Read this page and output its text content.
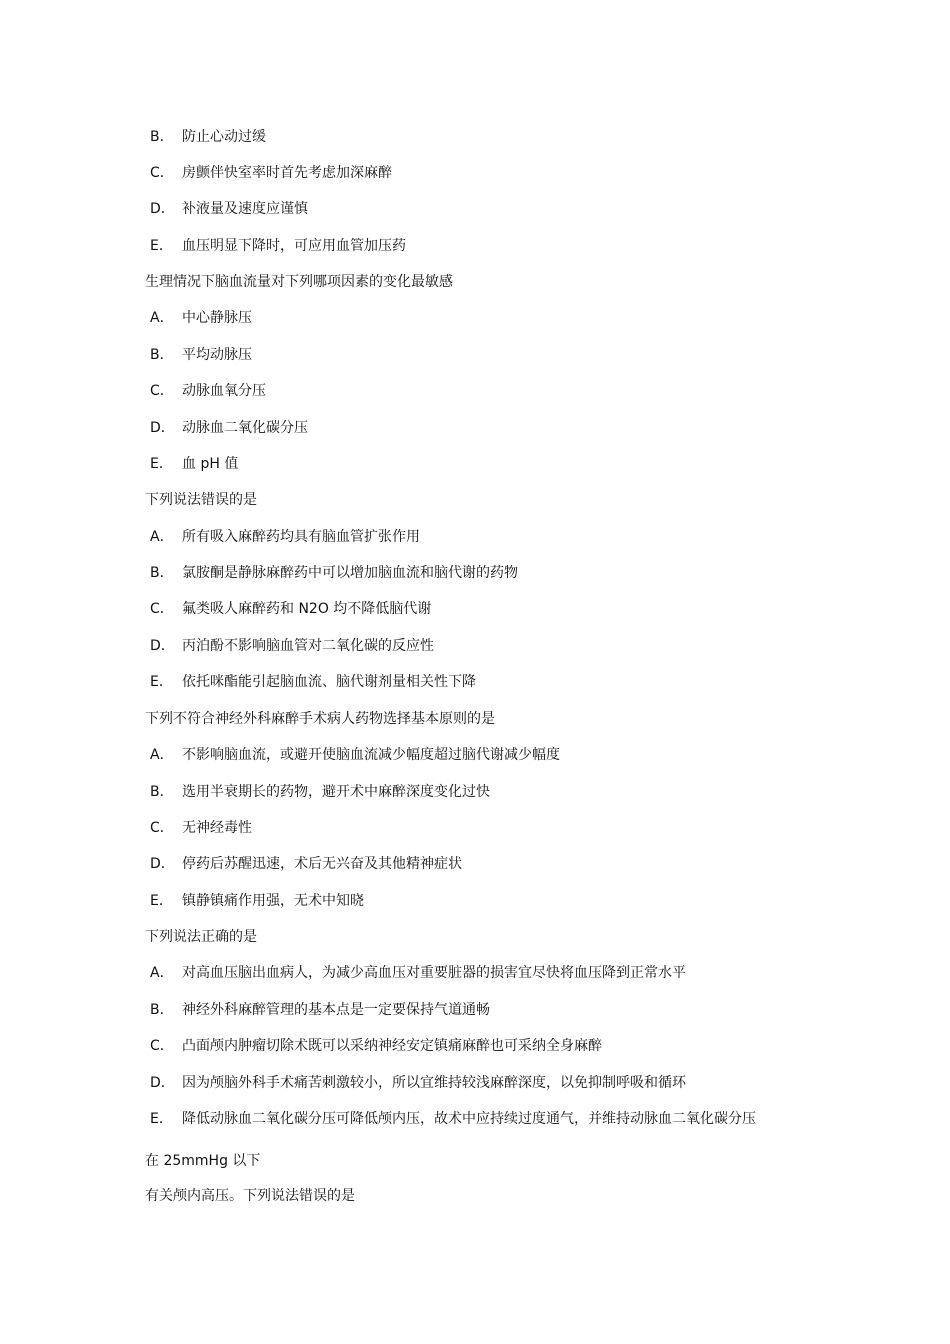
B． 防止心动过缓
C． 房颤伴快室率时首先考虑加深麻醉
D． 补液量及速度应谨慎
E． 血压明显下降时，可应用血管加压药
生理情况下脑血流量对下列哪项因素的变化最敏感
A． 中心静脉压
B． 平均动脉压
C． 动脉血氧分压
D． 动脉血二氧化碳分压
E． 血 pH 值
下列说法错误的是
A． 所有吸入麻醉药均具有脑血管扩张作用
B． 氯胺酮是静脉麻醉药中可以增加脑血流和脑代谢的药物
C． 氟类吸人麻醉药和 N2O 均不降低脑代谢
D． 丙泊酚不影响脑血管对二氧化碳的反应性
E． 依托咪酯能引起脑血流、脑代谢剂量相关性下降
下列不符合神经外科麻醉手术病人药物选择基本原则的是
A． 不影响脑血流，或避开使脑血流减少幅度超过脑代谢减少幅度
B． 选用半衰期长的药物，避开术中麻醉深度变化过快
C． 无神经毒性
D． 停药后苏醒迅速，术后无兴奋及其他精神症状
E． 镇静镇痛作用强，无术中知晓
下列说法正确的是
A． 对高血压脑出血病人，为减少高血压对重要脏器的损害宜尽快将血压降到正常水平
B． 神经外科麻醉管理的基本点是一定要保持气道通畅
C． 凸面颅内肿瘤切除术既可以采纳神经安定镇痛麻醉也可采纳全身麻醉
D． 因为颅脑外科手术痛苦刺激较小，所以宜维持较浅麻醉深度，以免抑制呼吸和循环
E． 降低动脉血二氧化碳分压可降低颅内压，故术中应持续过度通气，并维持动脉血二氧化碳分压
在 25mmHg 以下
有关颅内高压。下列说法错误的是
